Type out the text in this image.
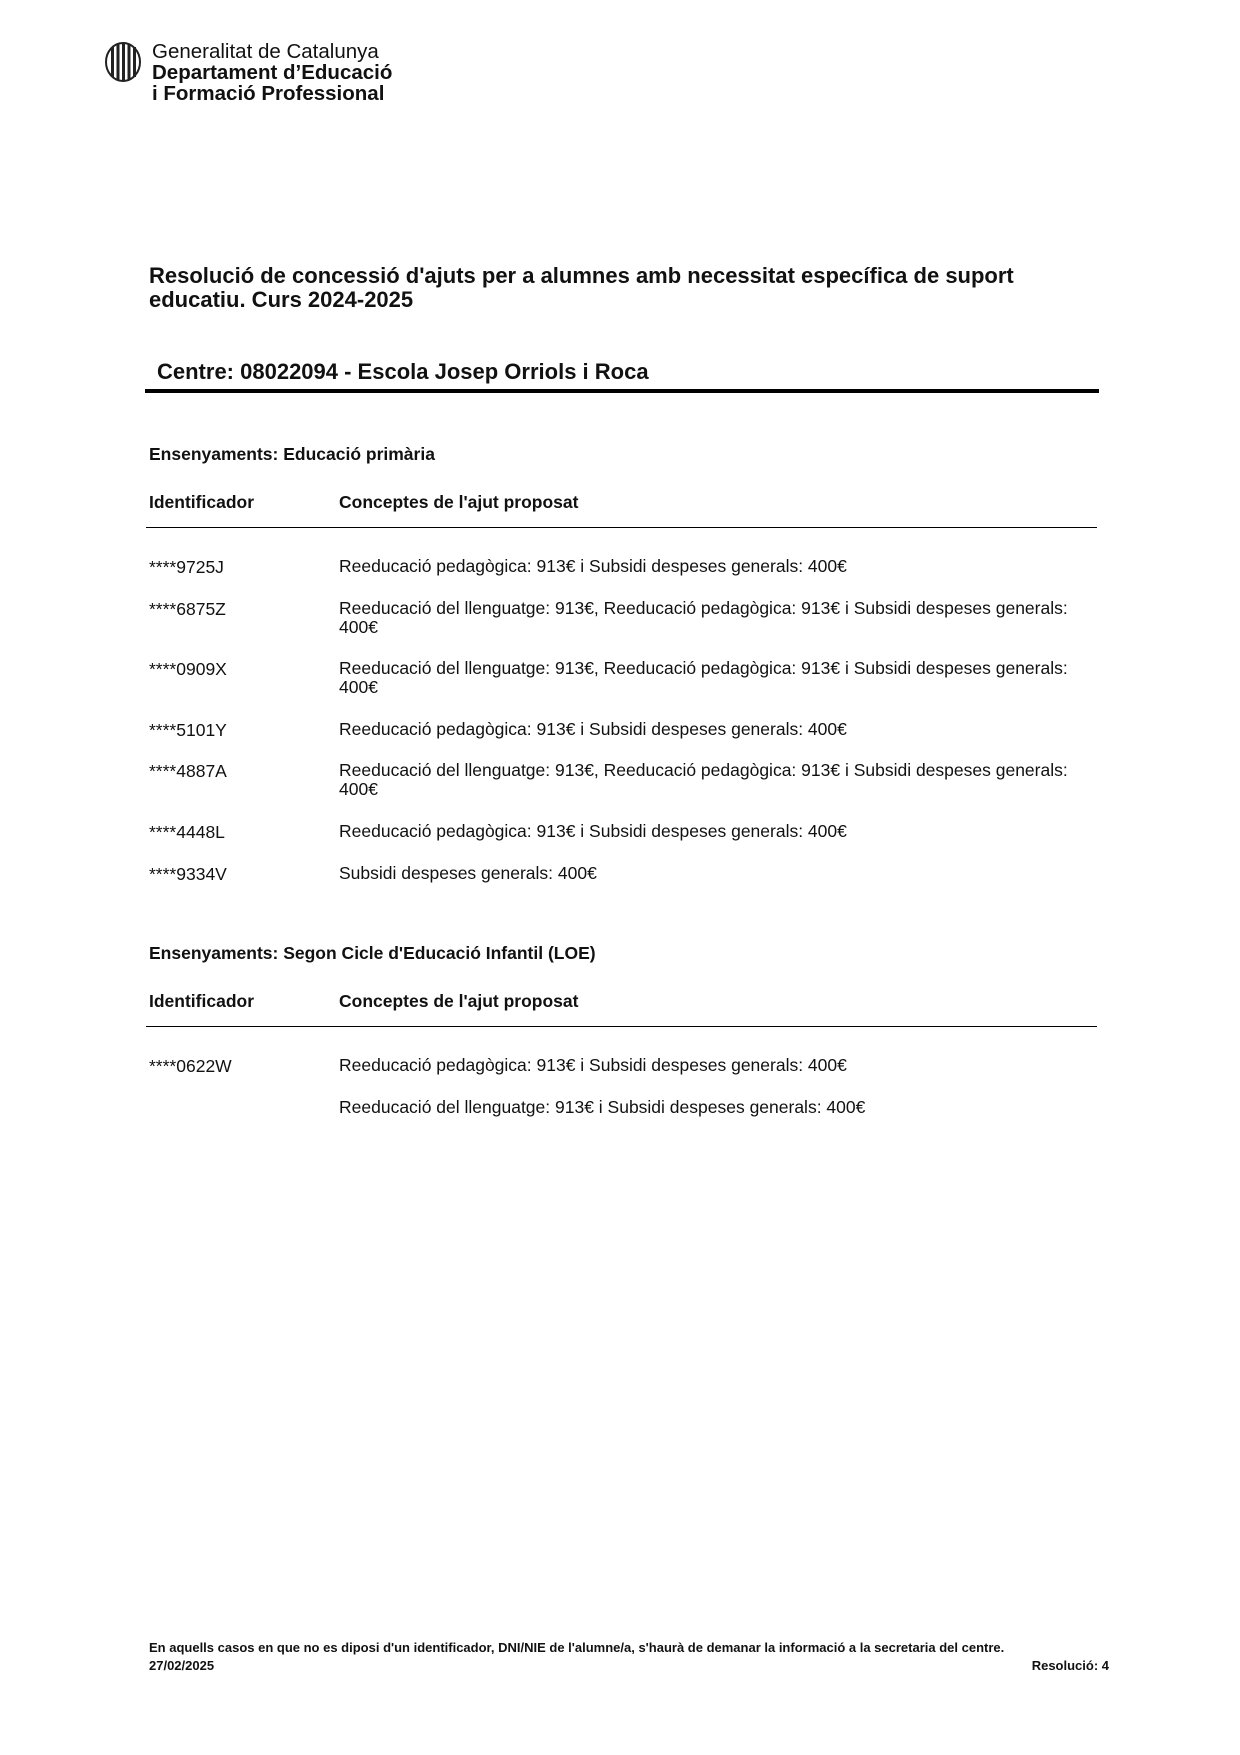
Generalitat de Catalunya
Departament d’Educació
i Formació Professional
Resolució de concessió d'ajuts per a alumnes amb necessitat específica de suport educatiu. Curs 2024-2025
Centre: 08022094 - Escola Josep Orriols i Roca
Ensenyaments: Educació primària
Identificador	Conceptes de l'ajut proposat
****9725J	Reeducació pedagògica: 913€ i Subsidi despeses generals: 400€
****6875Z	Reeducació del llenguatge: 913€, Reeducació pedagògica: 913€ i Subsidi despeses generals: 400€
****0909X	Reeducació del llenguatge: 913€, Reeducació pedagògica: 913€ i Subsidi despeses generals: 400€
****5101Y	Reeducació pedagògica: 913€ i Subsidi despeses generals: 400€
****4887A	Reeducació del llenguatge: 913€, Reeducació pedagògica: 913€ i Subsidi despeses generals: 400€
****4448L	Reeducació pedagògica: 913€ i Subsidi despeses generals: 400€
****9334V	Subsidi despeses generals: 400€
Ensenyaments: Segon Cicle d'Educació Infantil (LOE)
Identificador	Conceptes de l'ajut proposat
****0622W	Reeducació pedagògica: 913€ i Subsidi despeses generals: 400€
Reeducació del llenguatge: 913€ i Subsidi despeses generals: 400€
En aquells casos en que no es diposi d'un identificador, DNI/NIE de l'alumne/a, s'haurà de demanar la informació a la secretaria del centre.
27/02/2025	Resolució: 4
